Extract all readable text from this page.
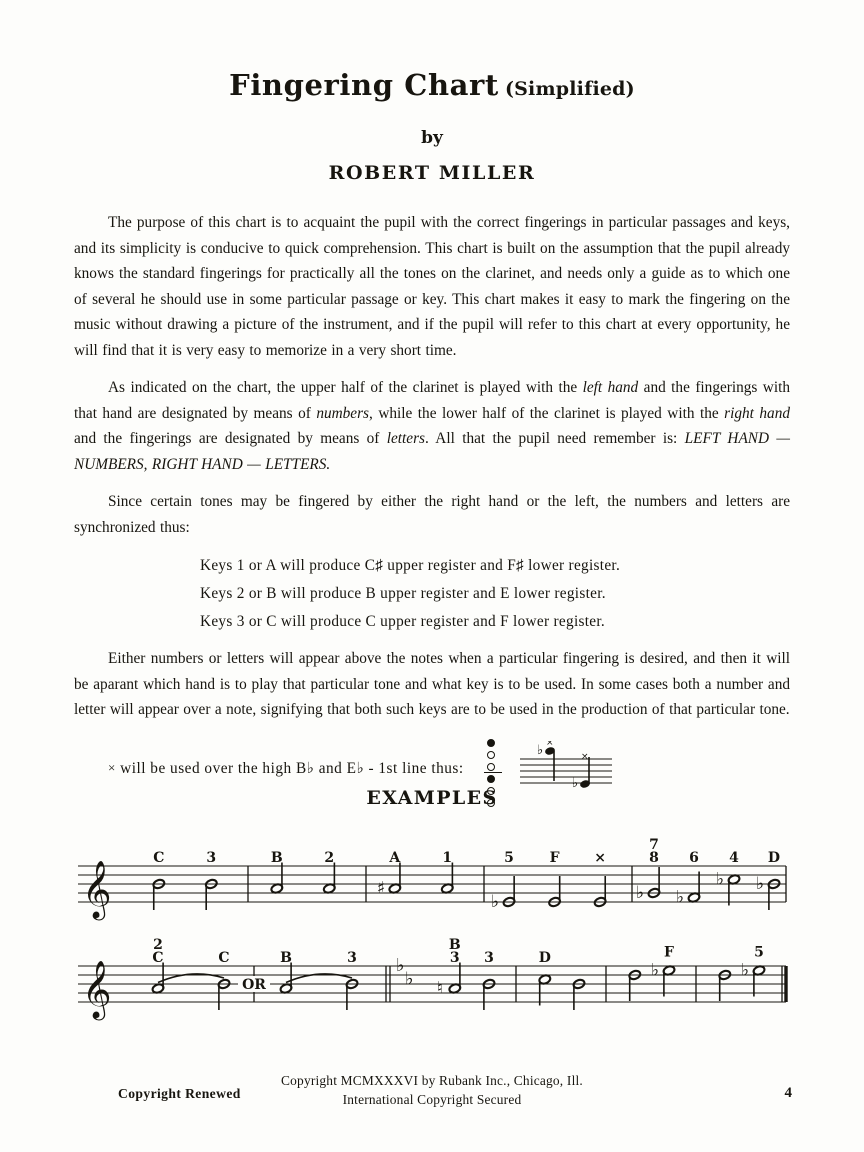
Fingering Chart (Simplified)
by
ROBERT MILLER

The purpose of this chart is to acquaint the pupil with the correct fingerings in particular passages and keys, and its simplicity is conducive to quick comprehension. This chart is built on the assumption that the pupil already knows the standard fingerings for practically all the tones on the clarinet, and needs only a guide as to which one of several he should use in some particular passage or key. This chart makes it easy to mark the fingering on the music without drawing a picture of the instrument, and if the pupil will refer to this chart at every opportunity, he will find that it is very easy to memorize in a very short time.

As indicated on the chart, the upper half of the clarinet is played with the left hand and the fingerings with that hand are designated by means of numbers, while the lower half of the clarinet is played with the right hand and the fingerings are designated by means of letters. All that the pupil need remember is: LEFT HAND — NUMBERS, RIGHT HAND — LETTERS.

Since certain tones may be fingered by either the right hand or the left, the numbers and letters are synchronized thus:

Keys 1 or A will produce C♯ upper register and F♯ lower register.
Keys 2 or B will produce B upper register and E lower register.
Keys 3 or C will produce C upper register and F lower register.

Either numbers or letters will appear above the notes when a particular fingering is desired, and then it will be aparant which hand is to play that particular tone and what key is to be used. In some cases both a number and letter will appear over a note, signifying that both such keys are to be used in the production of that particular tone.

× will be used over the high B♭ and E♭ - 1st line thus:
♭ ×
♭
×
EXAMPLES
𝄞
C	3	B	2
♯
A	1
♭
5	F ×
♭
7
8
♭
6
♭
4
♭
D
𝄞
2
C	C
OR
B	3 ♭
♭ ♮
B
3 3	D
♭
F
♭
5
Copyright Renewed
Copyright MCMXXXVI by Rubank Inc., Chicago, Ill.
International Copyright Secured	4
